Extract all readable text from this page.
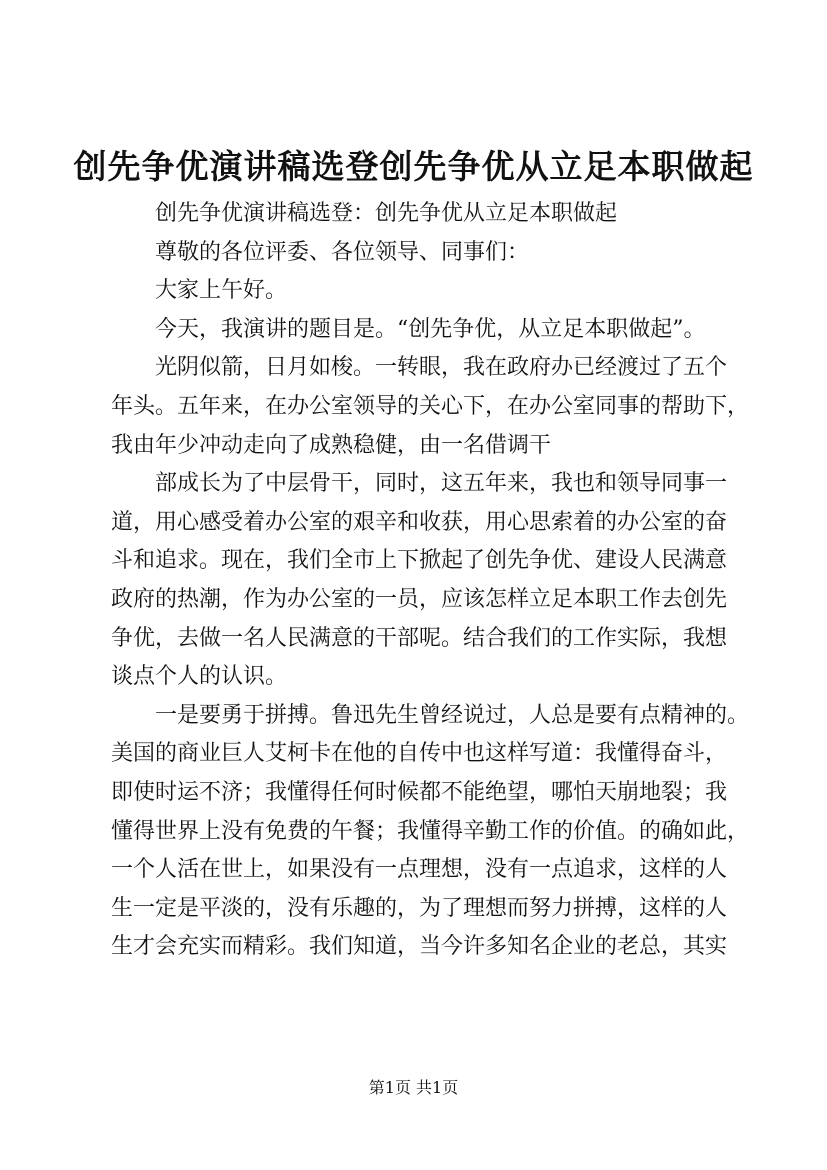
创先争优演讲稿选登创先争优从立足本职做起
创先争优演讲稿选登：创先争优从立足本职做起
尊敬的各位评委、各位领导、同事们：
大家上午好。
今天，我演讲的题目是。“创先争优，从立足本职做起”。
光阴似箭，日月如梭。一转眼，我在政府办已经渡过了五个
年头。五年来，在办公室领导的关心下，在办公室同事的帮助下，
我由年少冲动走向了成熟稳健，由一名借调干
部成长为了中层骨干，同时，这五年来，我也和领导同事一
道，用心感受着办公室的艰辛和收获，用心思索着的办公室的奋
斗和追求。现在，我们全市上下掀起了创先争优、建设人民满意
政府的热潮，作为办公室的一员，应该怎样立足本职工作去创先
争优，去做一名人民满意的干部呢。结合我们的工作实际，我想
谈点个人的认识。
一是要勇于拼搏。鲁迅先生曾经说过，人总是要有点精神的。
美国的商业巨人艾柯卡在他的自传中也这样写道：我懂得奋斗，
即使时运不济；我懂得任何时候都不能绝望，哪怕天崩地裂；我
懂得世界上没有免费的午餐；我懂得辛勤工作的价值。的确如此，
一个人活在世上，如果没有一点理想，没有一点追求，这样的人
生一定是平淡的，没有乐趣的，为了理想而努力拼搏，这样的人
生才会充实而精彩。我们知道，当今许多知名企业的老总，其实
第1页 共1页
